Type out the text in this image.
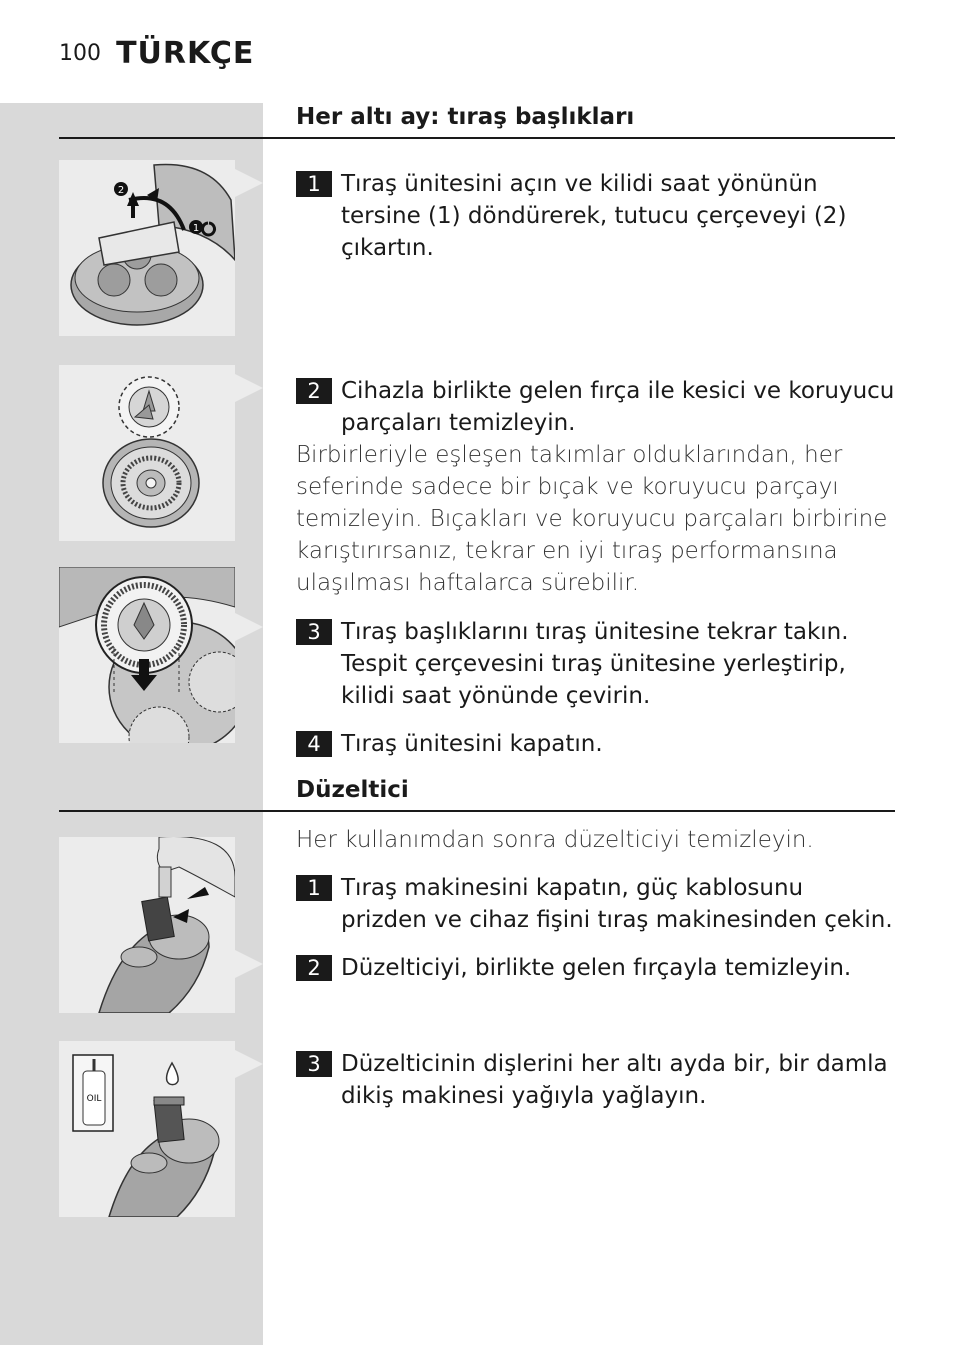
100 TÜRKÇE
Her altı ay: tıraş başlıkları
2
1
1 Tıraş ünitesini açın ve kilidi saat yönünün tersine (1) döndürerek, tutucu çerçeveyi (2) çıkartın.
2 Cihazla birlikte gelen fırça ile kesici ve koruyucu parçaları temizleyin.
Birbirleriyle eşleşen takımlar olduklarından, her seferinde sadece bir bıçak ve koruyucu parçayı temizleyin. Bıçakları ve koruyucu parçaları birbirine karıştırırsanız, tekrar en iyi tıraş performansına ulaşılması haftalarca sürebilir.
3 Tıraş başlıklarını tıraş ünitesine tekrar takın. Tespit çerçevesini tıraş ünitesine yerleştirip, kilidi saat yönünde çevirin.
4 Tıraş ünitesini kapatın.
Düzeltici
Her kullanımdan sonra düzelticiyi temizleyin.
1 Tıraş makinesini kapatın, güç kablosunu prizden ve cihaz fişini tıraş makinesinden çekin.
2 Düzelticiyi, birlikte gelen fırçayla temizleyin.
OIL
3 Düzelticinin dişlerini her altı ayda bir, bir damla dikiş makinesi yağıyla yağlayın.
